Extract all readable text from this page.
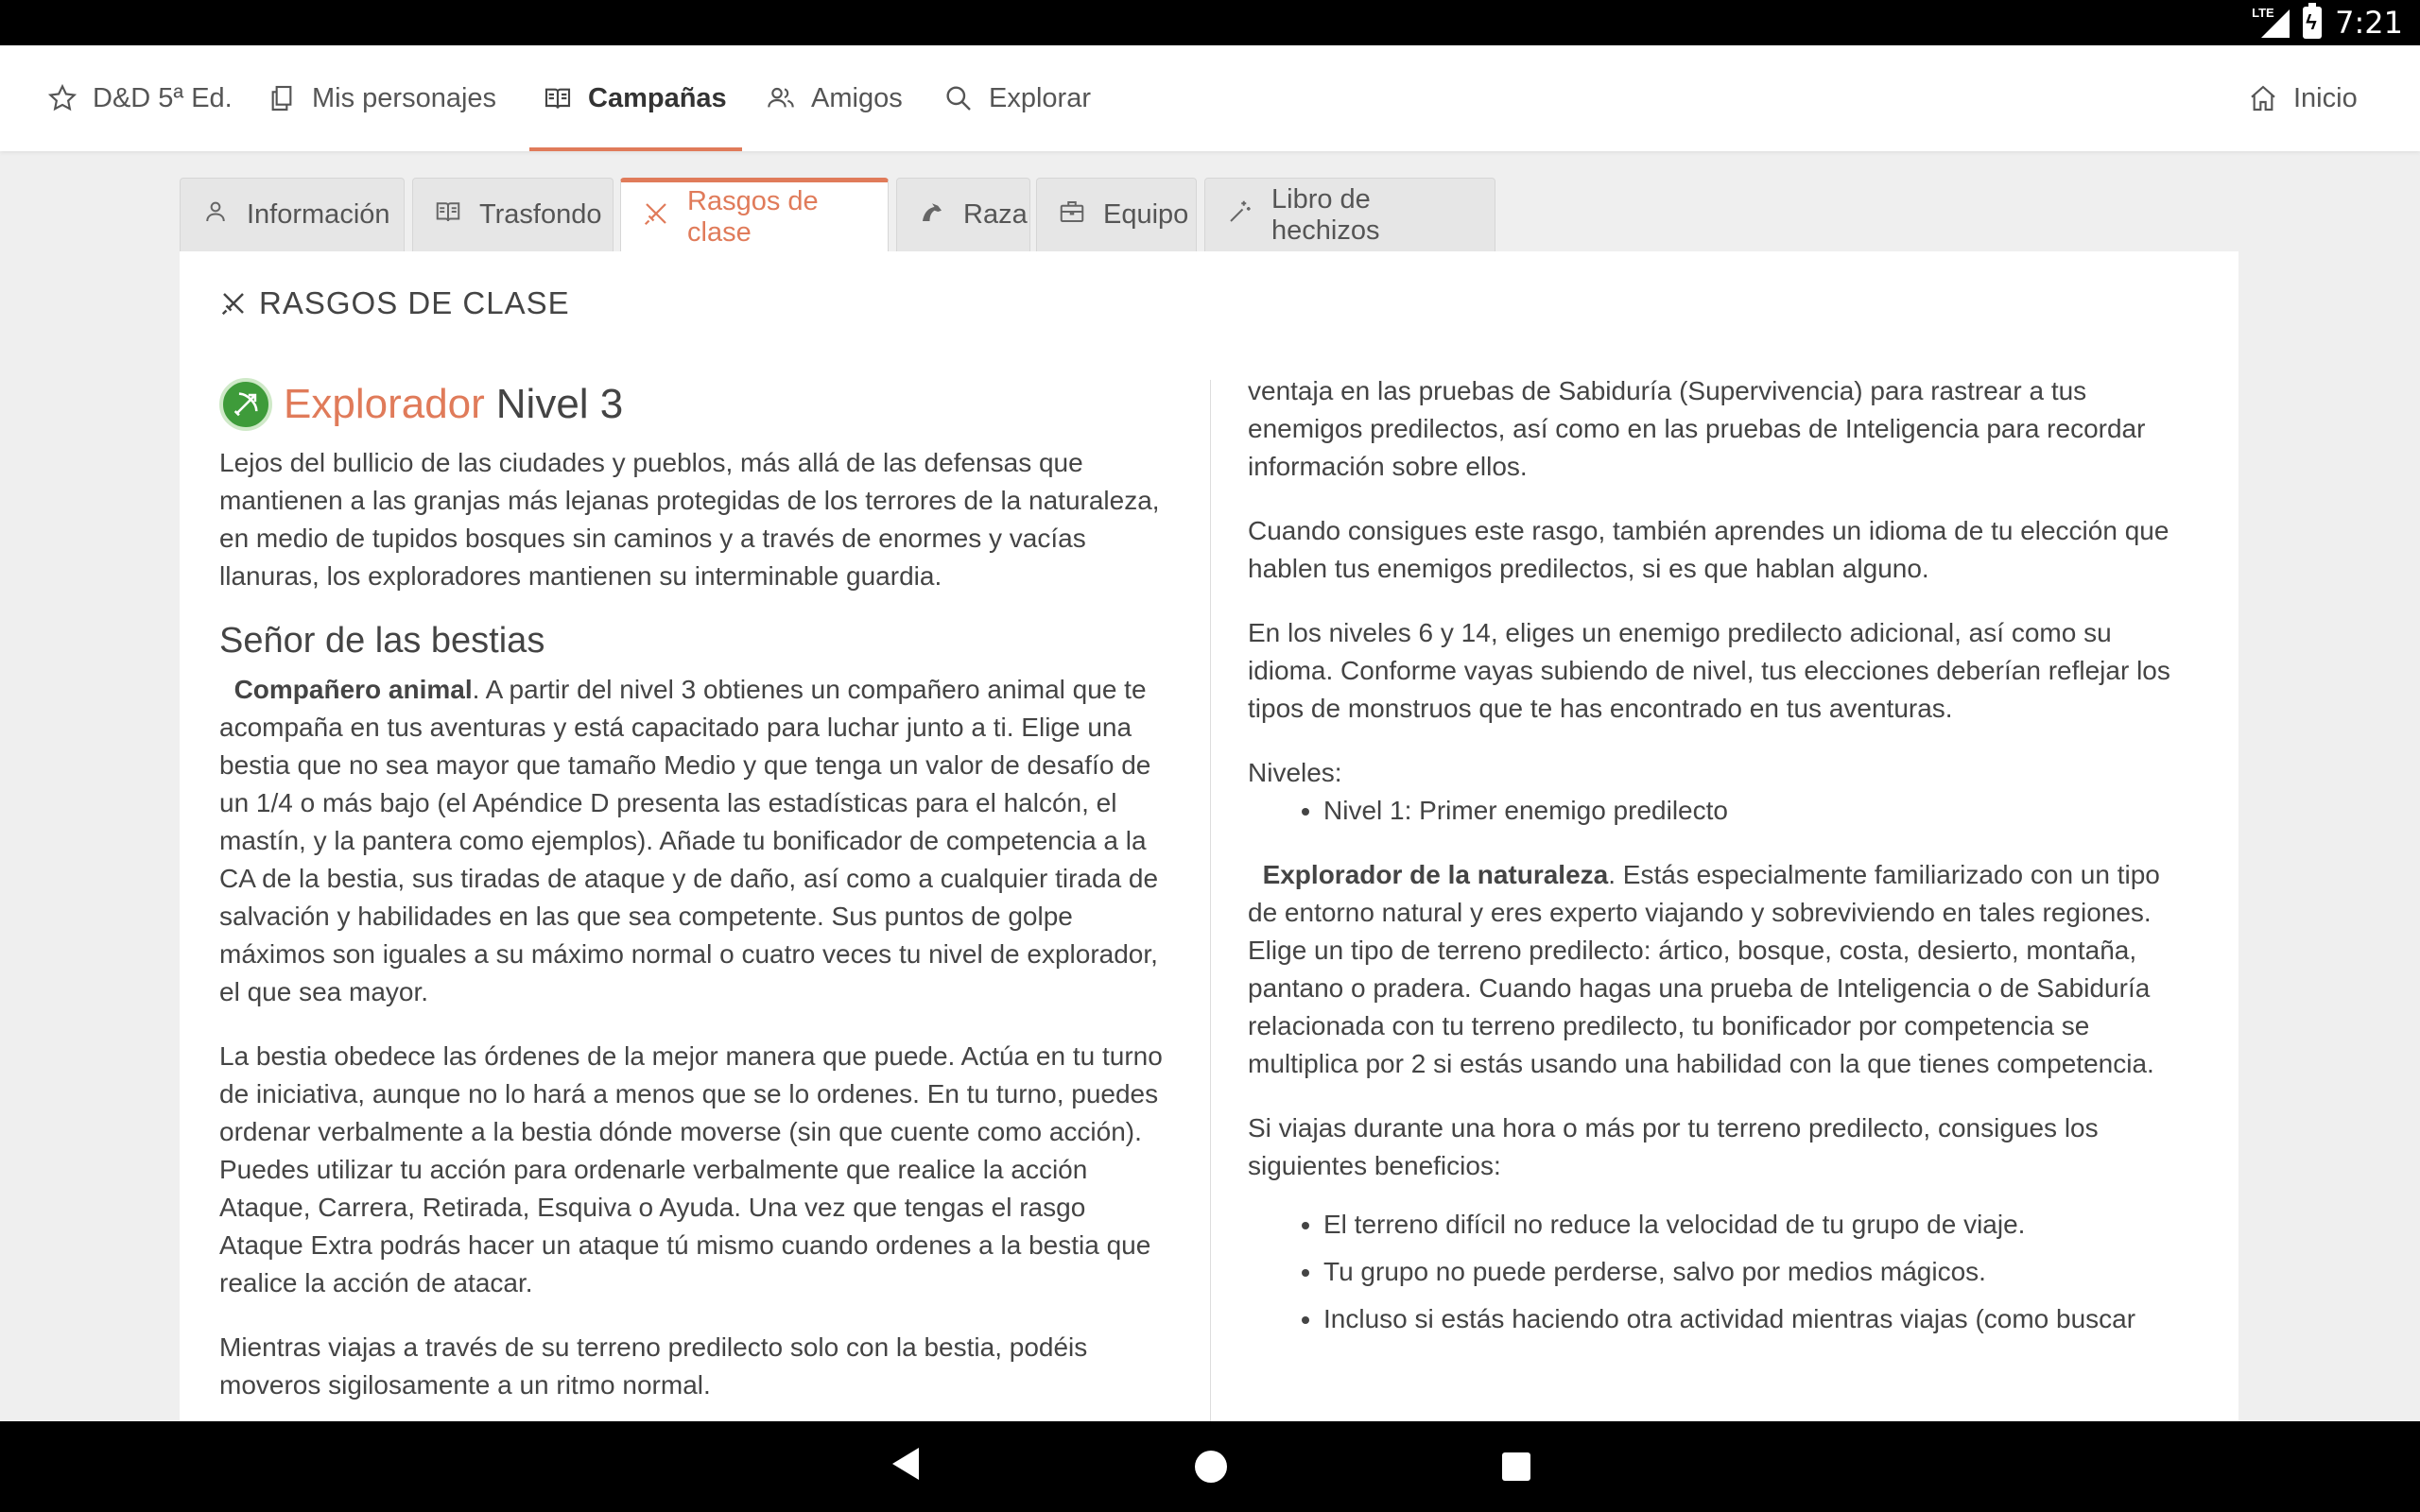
LTE ϟ 7:21
D&D 5ª Ed.	Mis personajes	Campañas	Amigos	Explorar	Inicio
Información	Trasfondo	Rasgos de clase
Raza	Equipo
Libro de hechizos
RASGOS DE CLASE
Explorador Nivel 3

Lejos del bullicio de las ciudades y pueblos, más allá de las defensas que mantienen a las granjas más lejanas protegidas de los terrores de la naturaleza, en medio de tupidos bosques sin caminos y a través de enormes y vacías llanuras, los exploradores mantienen su interminable guardia.

Señor de las bestias

Compañero animal. A partir del nivel 3 obtienes un compañero animal que te acompaña en tus aventuras y está capacitado para luchar junto a ti. Elige una bestia que no sea mayor que tamaño Medio y que tenga un valor de desafío de un 1/4 o más bajo (el Apéndice D presenta las estadísticas para el halcón, el mastín, y la pantera como ejemplos). Añade tu bonificador de competencia a la CA de la bestia, sus tiradas de ataque y de daño, así como a cualquier tirada de salvación y habilidades en las que sea competente. Sus puntos de golpe máximos son iguales a su máximo normal o cuatro veces tu nivel de explorador, el que sea mayor.

La bestia obedece las órdenes de la mejor manera que puede. Actúa en tu turno de iniciativa, aunque no lo hará a menos que se lo ordenes. En tu turno, puedes ordenar verbalmente a la bestia dónde moverse (sin que cuente como acción). Puedes utilizar tu acción para ordenarle verbalmente que realice la acción Ataque, Carrera, Retirada, Esquiva o Ayuda. Una vez que tengas el rasgo Ataque Extra podrás hacer un ataque tú mismo cuando ordenes a la bestia que realice la acción de atacar.

Mientras viajas a través de su terreno predilecto solo con la bestia, podéis moveros sigilosamente a un ritmo normal.

ventaja en las pruebas de Sabiduría (Supervivencia) para rastrear a tus enemigos predilectos, así como en las pruebas de Inteligencia para recordar información sobre ellos.

Cuando consigues este rasgo, también aprendes un idioma de tu elección que hablen tus enemigos predilectos, si es que hablan alguno.

En los niveles 6 y 14, eliges un enemigo predilecto adicional, así como su idioma. Conforme vayas subiendo de nivel, tus elecciones deberían reflejar los tipos de monstruos que te has encontrado en tus aventuras.

Niveles:

• Nivel 1: Primer enemigo predilecto

Explorador de la naturaleza. Estás especialmente familiarizado con un tipo de entorno natural y eres experto viajando y sobreviviendo en tales regiones. Elige un tipo de terreno predilecto: ártico, bosque, costa, desierto, montaña, pantano o pradera. Cuando hagas una prueba de Inteligencia o de Sabiduría relacionada con tu terreno predilecto, tu bonificador por competencia se multiplica por 2 si estás usando una habilidad con la que tienes competencia.

Si viajas durante una hora o más por tu terreno predilecto, consigues los siguientes beneficios:

• El terreno difícil no reduce la velocidad de tu grupo de viaje.
• Tu grupo no puede perderse, salvo por medios mágicos.
• Incluso si estás haciendo otra actividad mientras viajas (como buscar
